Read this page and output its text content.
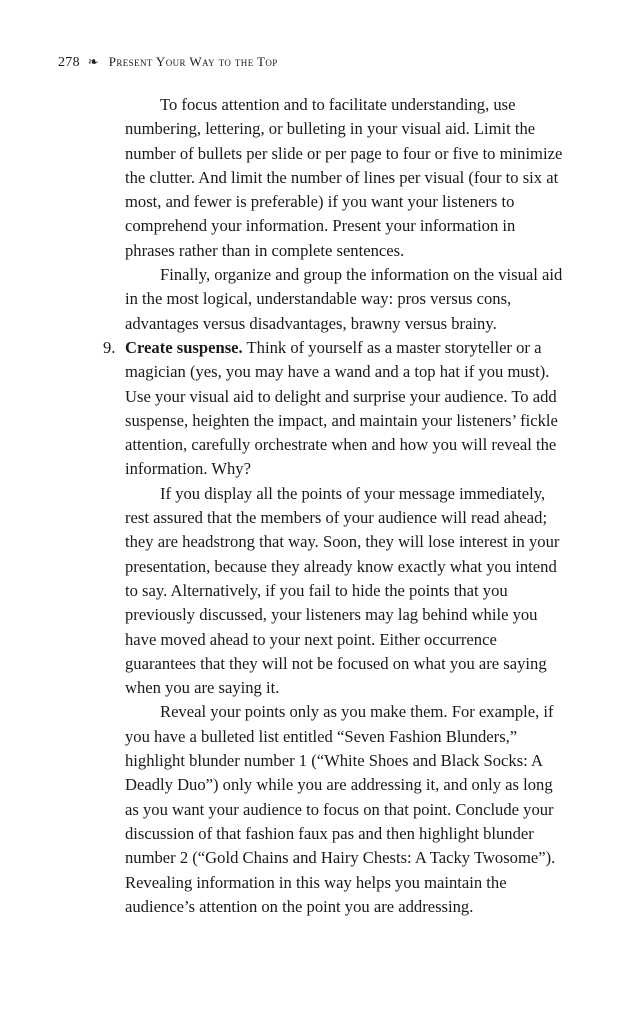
278 ❧ Present Your Way to the Top

To focus attention and to facilitate understanding, use numbering, lettering, or bulleting in your visual aid. Limit the number of bullets per slide or per page to four or five to minimize the clutter. And limit the number of lines per visual (four to six at most, and fewer is preferable) if you want your listeners to comprehend your information. Present your information in phrases rather than in complete sentences.

Finally, organize and group the information on the visual aid in the most logical, understandable way: pros versus cons, advantages versus disadvantages, brawny versus brainy.

9. Create suspense. Think of yourself as a master storyteller or a magician (yes, you may have a wand and a top hat if you must). Use your visual aid to delight and surprise your audience. To add suspense, heighten the impact, and maintain your listeners’ fickle attention, carefully orchestrate when and how you will reveal the information. Why?

If you display all the points of your message immediately, rest assured that the members of your audience will read ahead; they are headstrong that way. Soon, they will lose interest in your presentation, because they already know exactly what you intend to say. Alternatively, if you fail to hide the points that you previously discussed, your listeners may lag behind while you have moved ahead to your next point. Either occurrence guarantees that they will not be focused on what you are saying when you are saying it.

Reveal your points only as you make them. For example, if you have a bulleted list entitled “Seven Fashion Blunders,” highlight blunder number 1 (“White Shoes and Black Socks: A Deadly Duo”) only while you are addressing it, and only as long as you want your audience to focus on that point. Conclude your discussion of that fashion faux pas and then highlight blunder number 2 (“Gold Chains and Hairy Chests: A Tacky Twosome”). Revealing information in this way helps you maintain the audience’s attention on the point you are addressing.
